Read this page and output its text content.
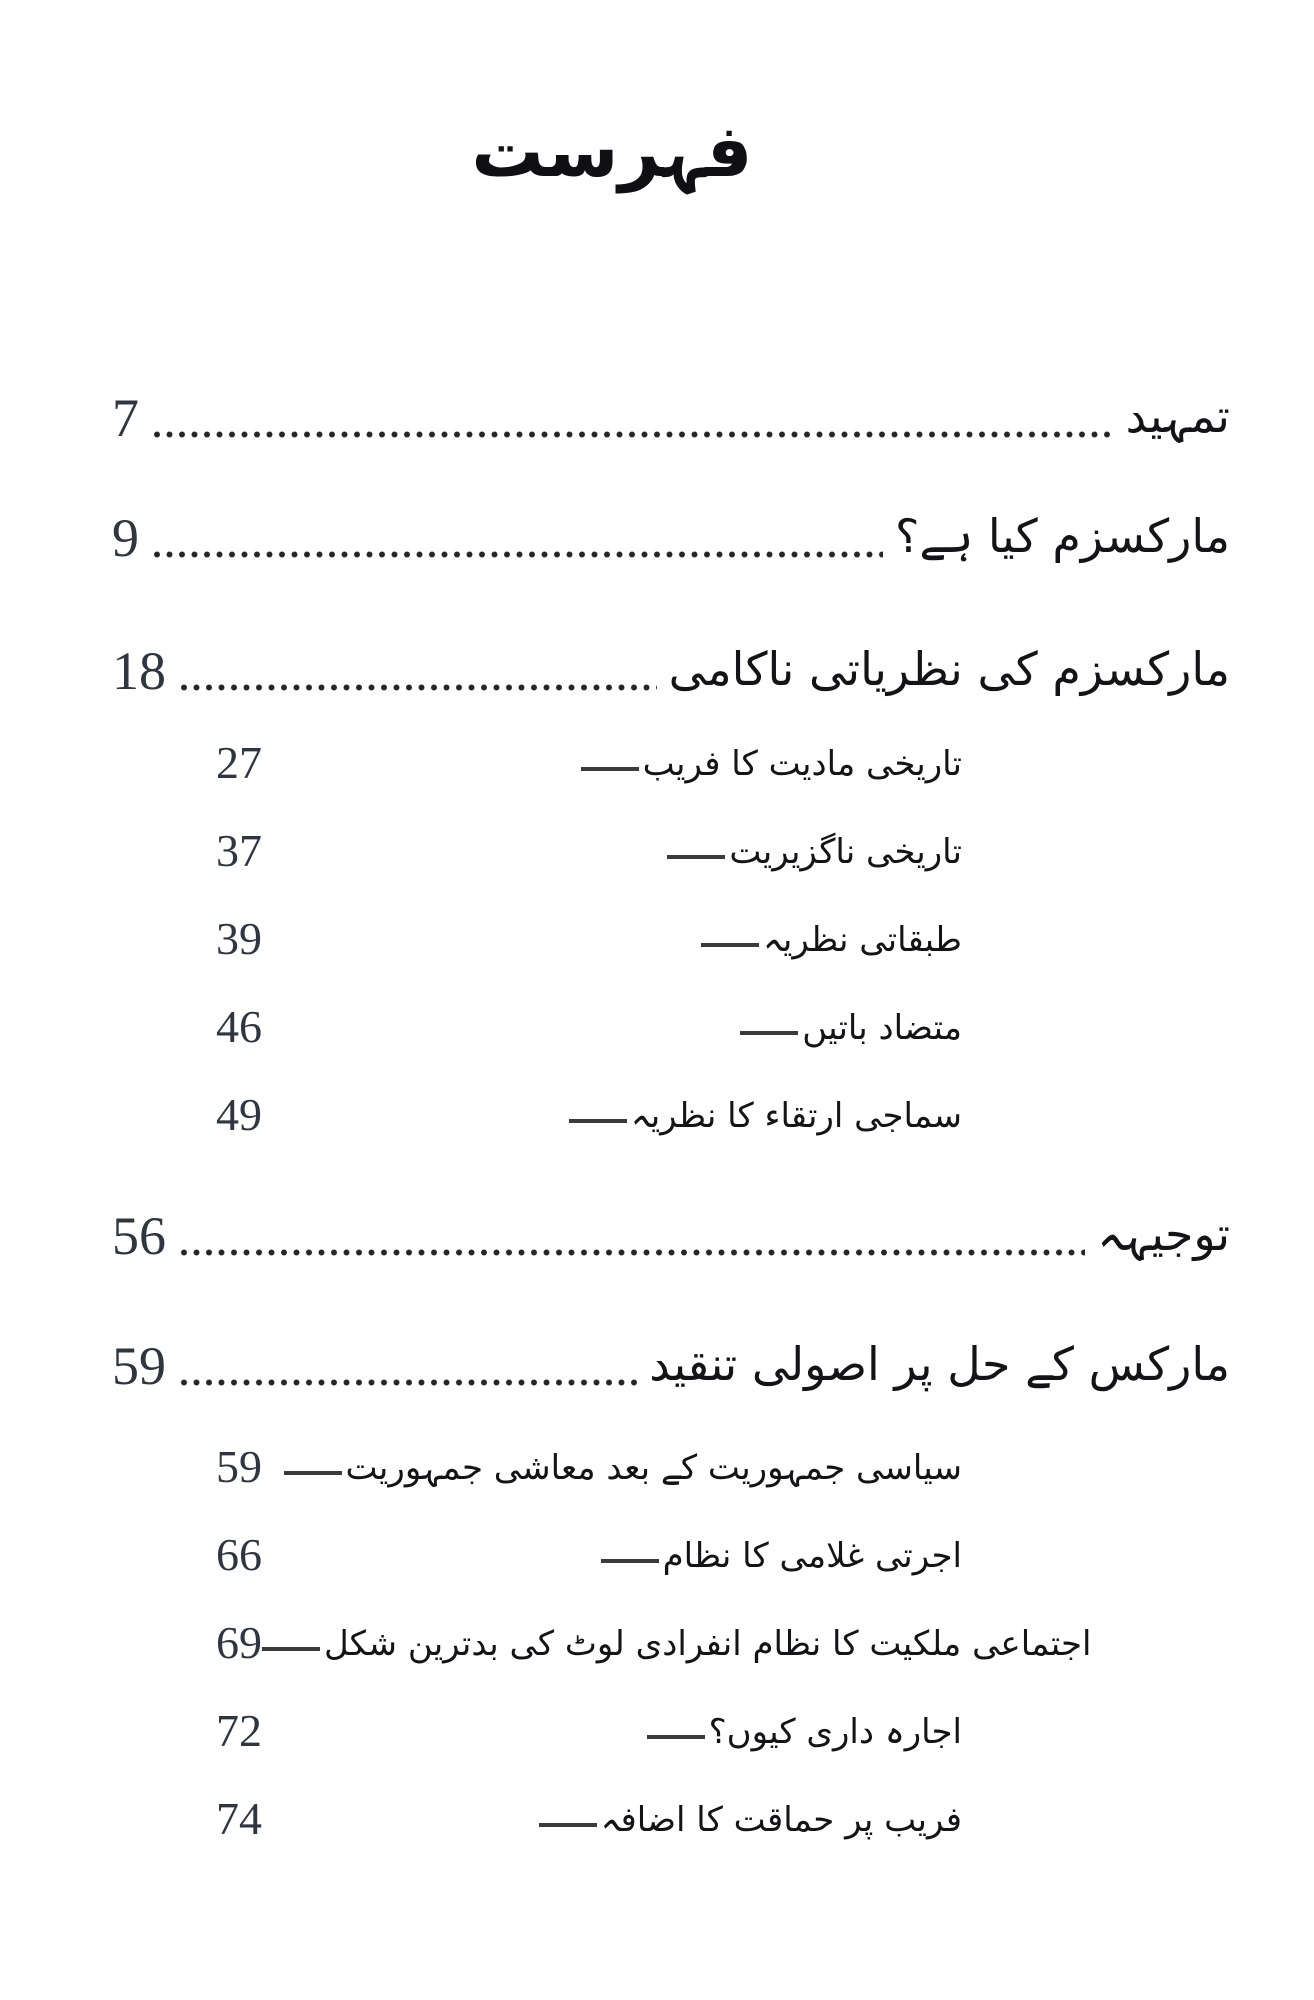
فہرست
7	تمہید
9	مارکسزم کیا ہے؟
18	مارکسزم کی نظریاتی ناکامی
27	تاریخی مادیت کا فریب
37	تاریخی ناگزیریت
39	طبقاتی نظریہ
46	متضاد باتیں
49	سماجی ارتقاء کا نظریہ
56	توجیہہ
59	مارکس کے حل پر اصولی تنقید
59 سیاسی جمہوریت کے بعد معاشی جمہوریت
66	اجرتی غلامی کا نظام
69 اجتماعی ملکیت کا نظام انفرادی لوٹ کی بدترین شکل
72	اجارہ داری کیوں؟
74	فریب پر حماقت کا اضافہ
